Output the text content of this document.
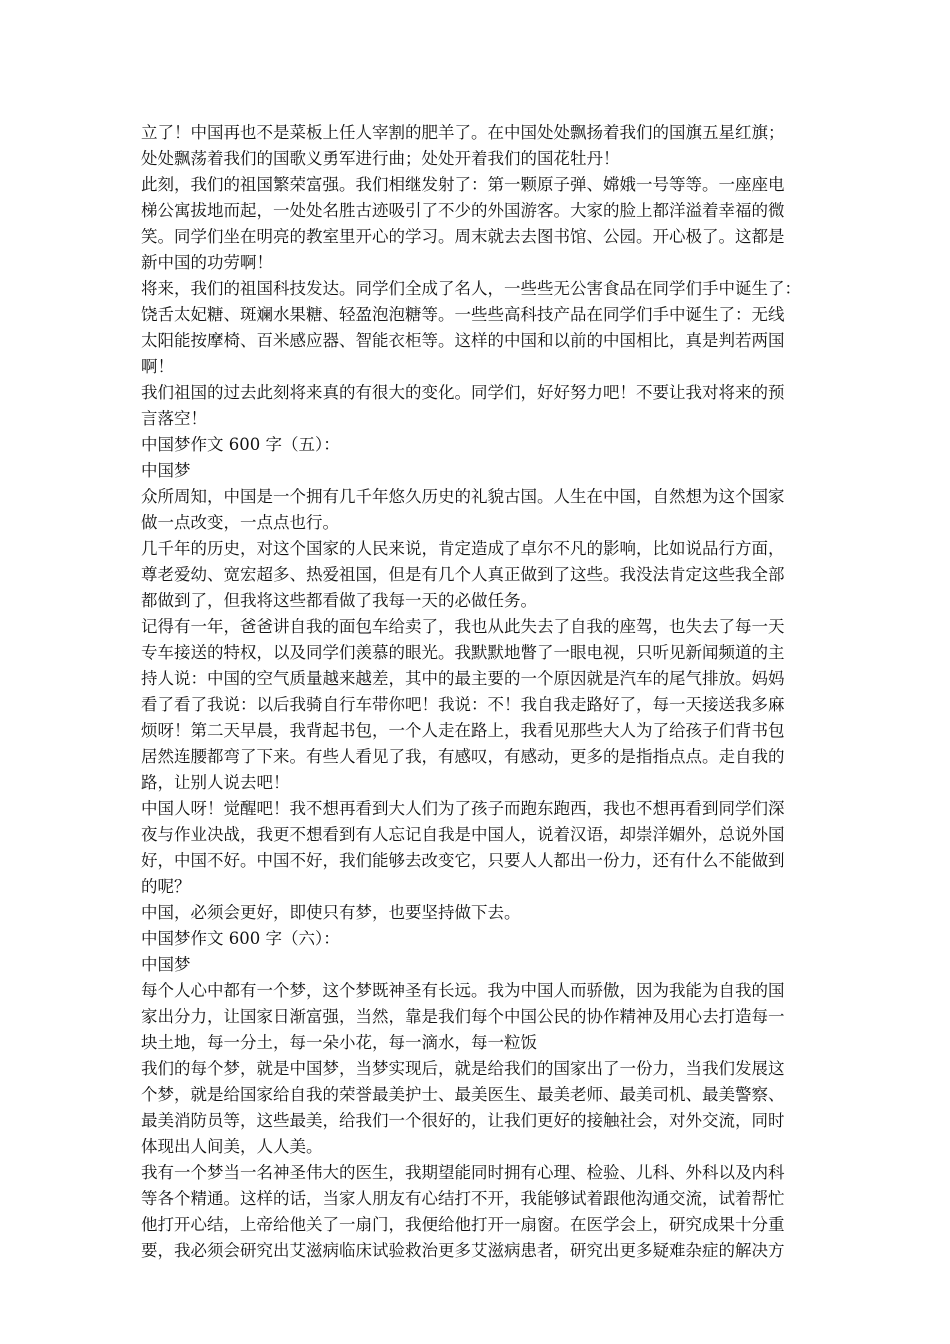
立了！中国再也不是菜板上任人宰割的肥羊了。在中国处处飘扬着我们的国旗五星红旗；
处处飘荡着我们的国歌义勇军进行曲；处处开着我们的国花牡丹！
此刻，我们的祖国繁荣富强。我们相继发射了：第一颗原子弹、嫦娥一号等等。一座座电
梯公寓拔地而起，一处处名胜古迹吸引了不少的外国游客。大家的脸上都洋溢着幸福的微
笑。同学们坐在明亮的教室里开心的学习。周末就去去图书馆、公园。开心极了。这都是
新中国的功劳啊！
将来，我们的祖国科技发达。同学们全成了名人，一些些无公害食品在同学们手中诞生了：
饶舌太妃糖、斑斓水果糖、轻盈泡泡糖等。一些些高科技产品在同学们手中诞生了：无线
太阳能按摩椅、百米感应器、智能衣柜等。这样的中国和以前的中国相比，真是判若两国
啊！
我们祖国的过去此刻将来真的有很大的变化。同学们，好好努力吧！不要让我对将来的预
言落空！
中国梦作文 600 字（五）：
中国梦
众所周知，中国是一个拥有几千年悠久历史的礼貌古国。人生在中国，自然想为这个国家
做一点改变，一点点也行。
几千年的历史，对这个国家的人民来说，肯定造成了卓尔不凡的影响，比如说品行方面，
尊老爱幼、宽宏超多、热爱祖国，但是有几个人真正做到了这些。我没法肯定这些我全部
都做到了，但我将这些都看做了我每一天的必做任务。
记得有一年，爸爸讲自我的面包车给卖了，我也从此失去了自我的座驾，也失去了每一天
专车接送的特权，以及同学们羡慕的眼光。我默默地瞥了一眼电视，只听见新闻频道的主
持人说：中国的空气质量越来越差，其中的最主要的一个原因就是汽车的尾气排放。妈妈
看了看了我说：以后我骑自行车带你吧！我说：不！我自我走路好了，每一天接送我多麻
烦呀！第二天早晨，我背起书包，一个人走在路上，我看见那些大人为了给孩子们背书包
居然连腰都弯了下来。有些人看见了我，有感叹，有感动，更多的是指指点点。走自我的
路，让别人说去吧！
中国人呀！觉醒吧！我不想再看到大人们为了孩子而跑东跑西，我也不想再看到同学们深
夜与作业决战，我更不想看到有人忘记自我是中国人，说着汉语，却崇洋媚外，总说外国
好，中国不好。中国不好，我们能够去改变它，只要人人都出一份力，还有什么不能做到
的呢？
中国，必须会更好，即使只有梦，也要坚持做下去。
中国梦作文 600 字（六）：
中国梦
每个人心中都有一个梦，这个梦既神圣有长远。我为中国人而骄傲，因为我能为自我的国
家出分力，让国家日渐富强，当然，靠是我们每个中国公民的协作精神及用心去打造每一
块土地，每一分土，每一朵小花，每一滴水，每一粒饭
我们的每个梦，就是中国梦，当梦实现后，就是给我们的国家出了一份力，当我们发展这
个梦，就是给国家给自我的荣誉最美护士、最美医生、最美老师、最美司机、最美警察、
最美消防员等，这些最美，给我们一个很好的，让我们更好的接触社会，对外交流，同时
体现出人间美，人人美。
我有一个梦当一名神圣伟大的医生，我期望能同时拥有心理、检验、儿科、外科以及内科
等各个精通。这样的话，当家人朋友有心结打不开，我能够试着跟他沟通交流，试着帮忙
他打开心结，上帝给他关了一扇门，我便给他打开一扇窗。在医学会上，研究成果十分重
要，我必须会研究出艾滋病临床试验救治更多艾滋病患者，研究出更多疑难杂症的解决方
